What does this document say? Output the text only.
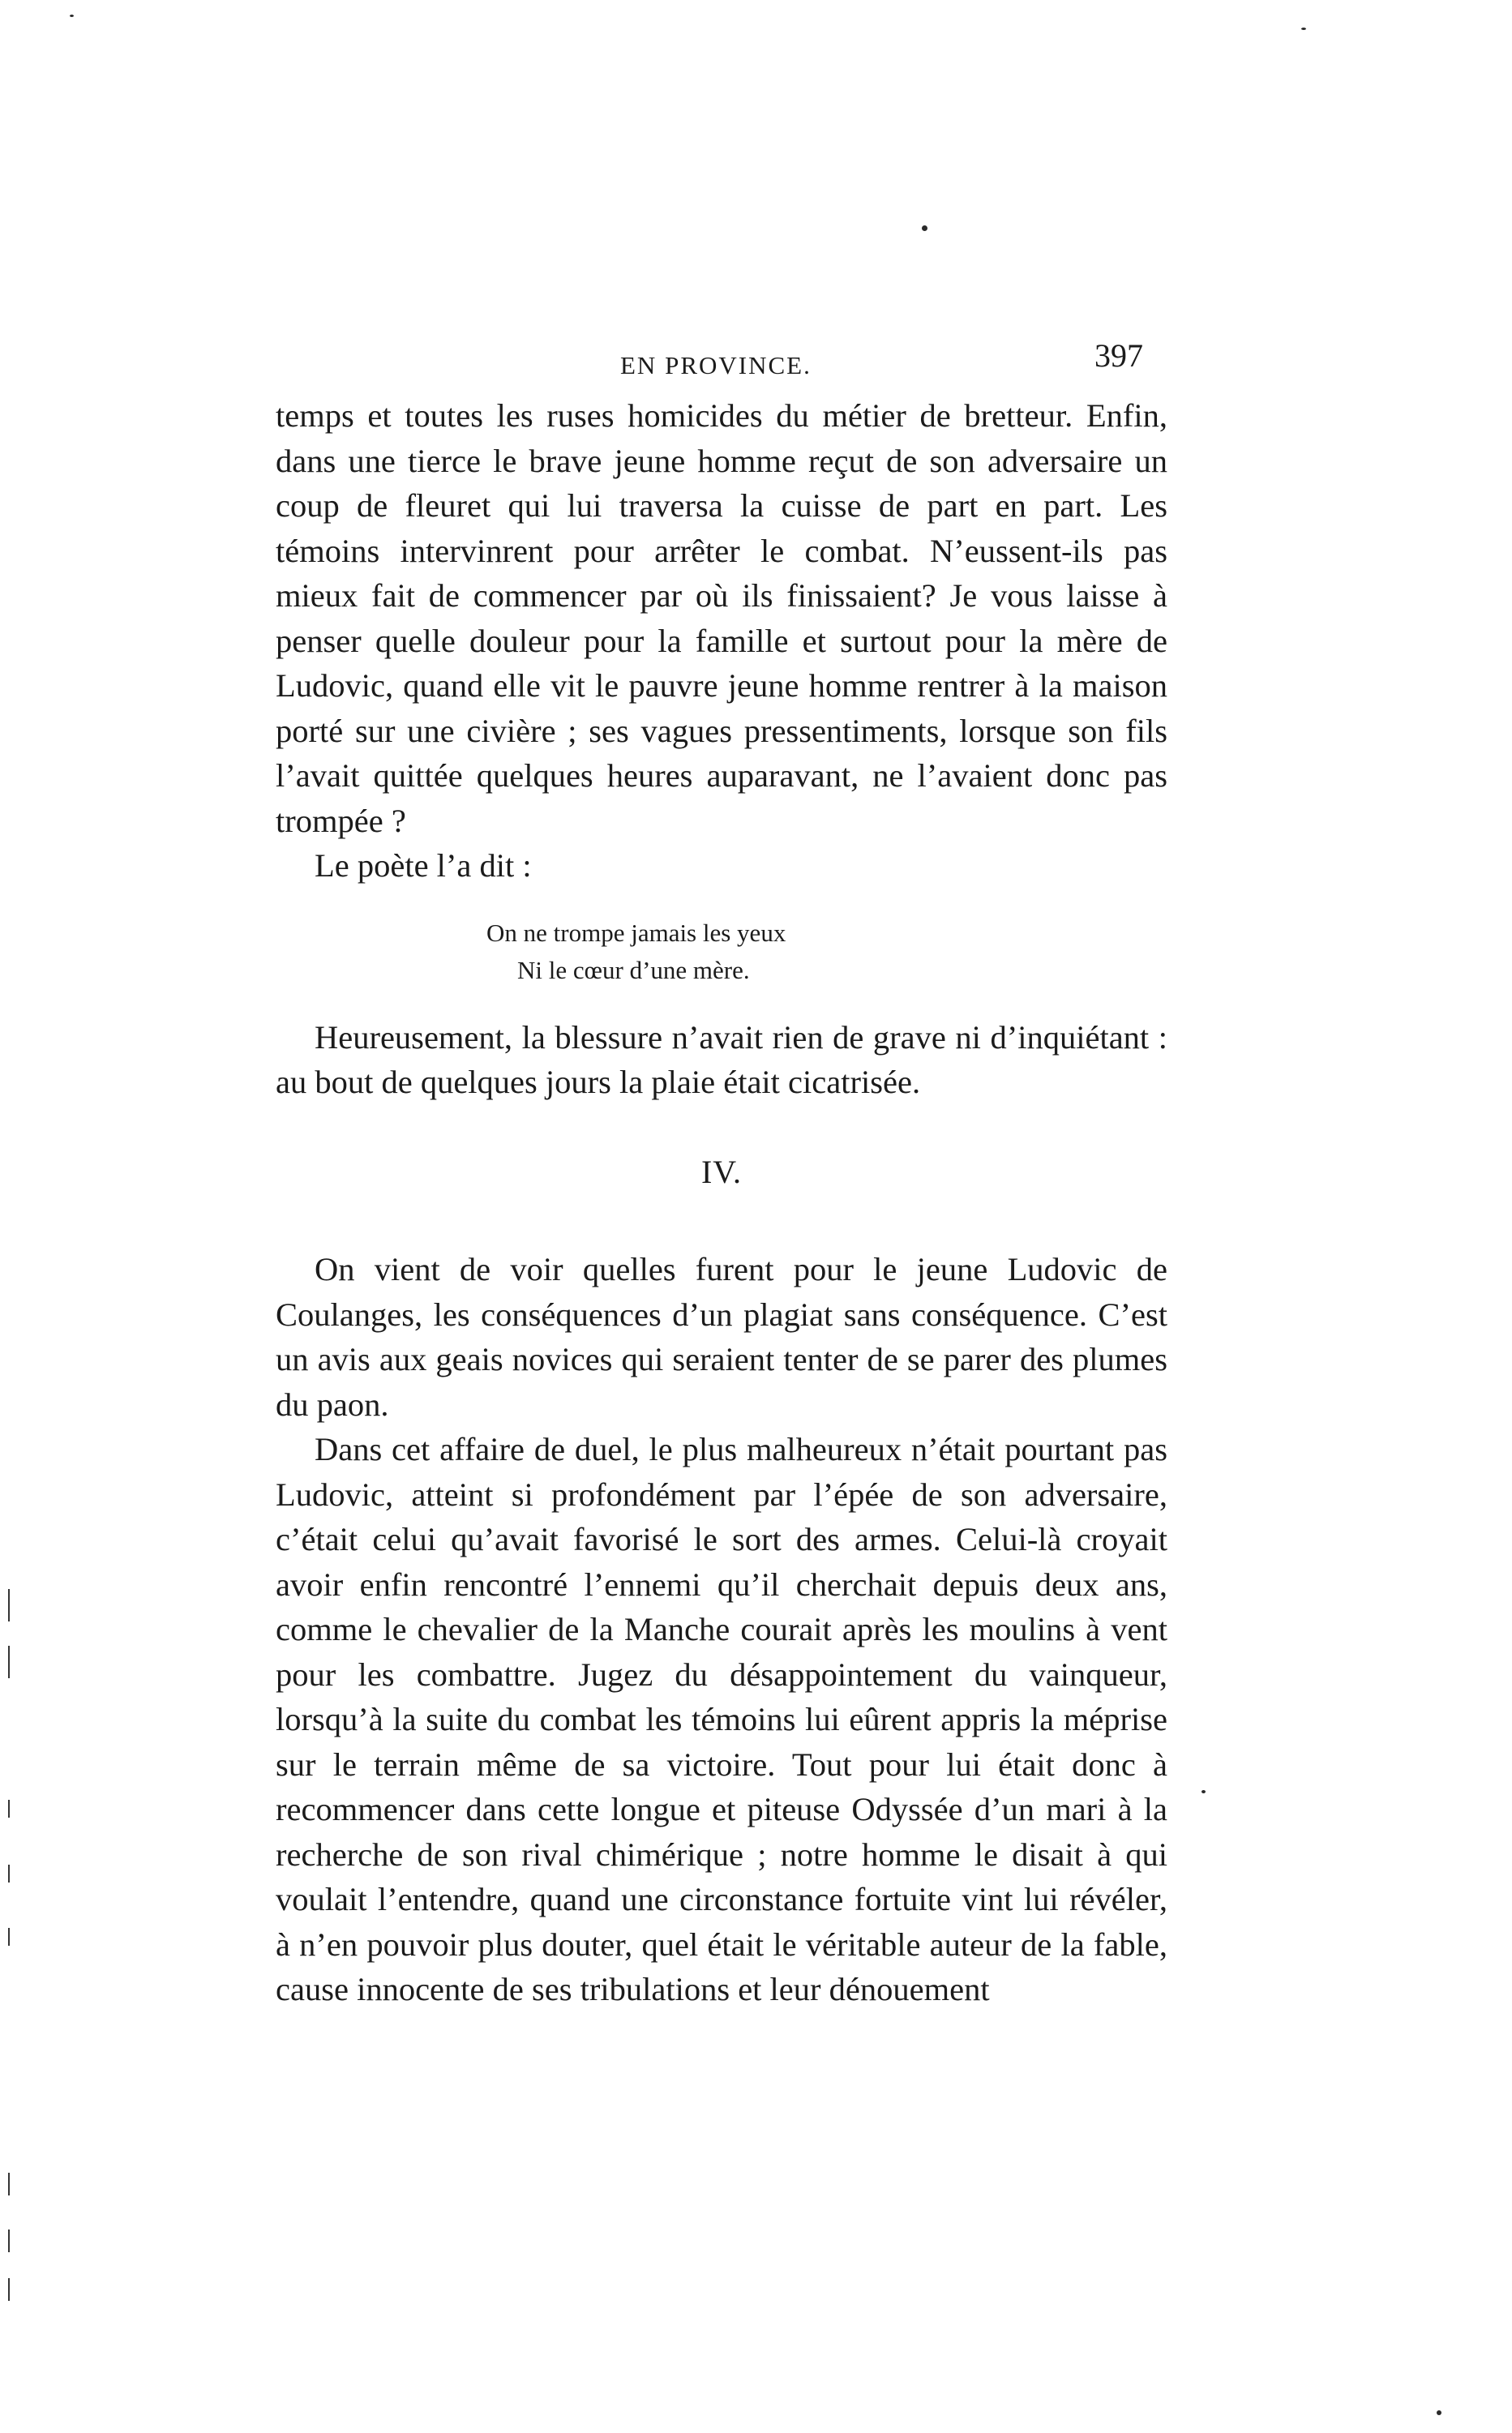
EN PROVINCE.	397

temps et toutes les ruses homicides du métier de bretteur. Enfin, dans une tierce le brave jeune homme reçut de son adversaire un coup de fleuret qui lui traversa la cuisse de part en part. Les témoins intervinrent pour arrêter le combat. N’eussent-ils pas mieux fait de commencer par où ils finissaient? Je vous laisse à penser quelle douleur pour la famille et surtout pour la mère de Ludovic, quand elle vit le pauvre jeune homme rentrer à la maison porté sur une civière ; ses vagues pressentiments, lorsque son fils l’avait quittée quelques heures auparavant, ne l’avaient donc pas trompée ?

Le poète l’a dit :

On ne trompe jamais les yeux
Ni le cœur d’une mère.

Heureusement, la blessure n’avait rien de grave ni d’inquiétant : au bout de quelques jours la plaie était cicatrisée.

IV.

On vient de voir quelles furent pour le jeune Ludovic de Coulanges, les conséquences d’un plagiat sans conséquence. C’est un avis aux geais novices qui seraient tenter de se parer des plumes du paon.

Dans cet affaire de duel, le plus malheureux n’était pourtant pas Ludovic, atteint si profondément par l’épée de son adversaire, c’était celui qu’avait favorisé le sort des armes. Celui-là croyait avoir enfin rencontré l’ennemi qu’il cherchait depuis deux ans, comme le chevalier de la Manche courait après les moulins à vent pour les combattre. Jugez du désappointement du vainqueur, lorsqu’à la suite du combat les témoins lui eûrent appris la méprise sur le terrain même de sa victoire. Tout pour lui était donc à recommencer dans cette longue et piteuse Odyssée d’un mari à la recherche de son rival chimérique ; notre homme le disait à qui voulait l’entendre, quand une circonstance fortuite vint lui révéler, à n’en pouvoir plus douter, quel était le véritable auteur de la fable, cause innocente de ses tribulations et leur dénouement
